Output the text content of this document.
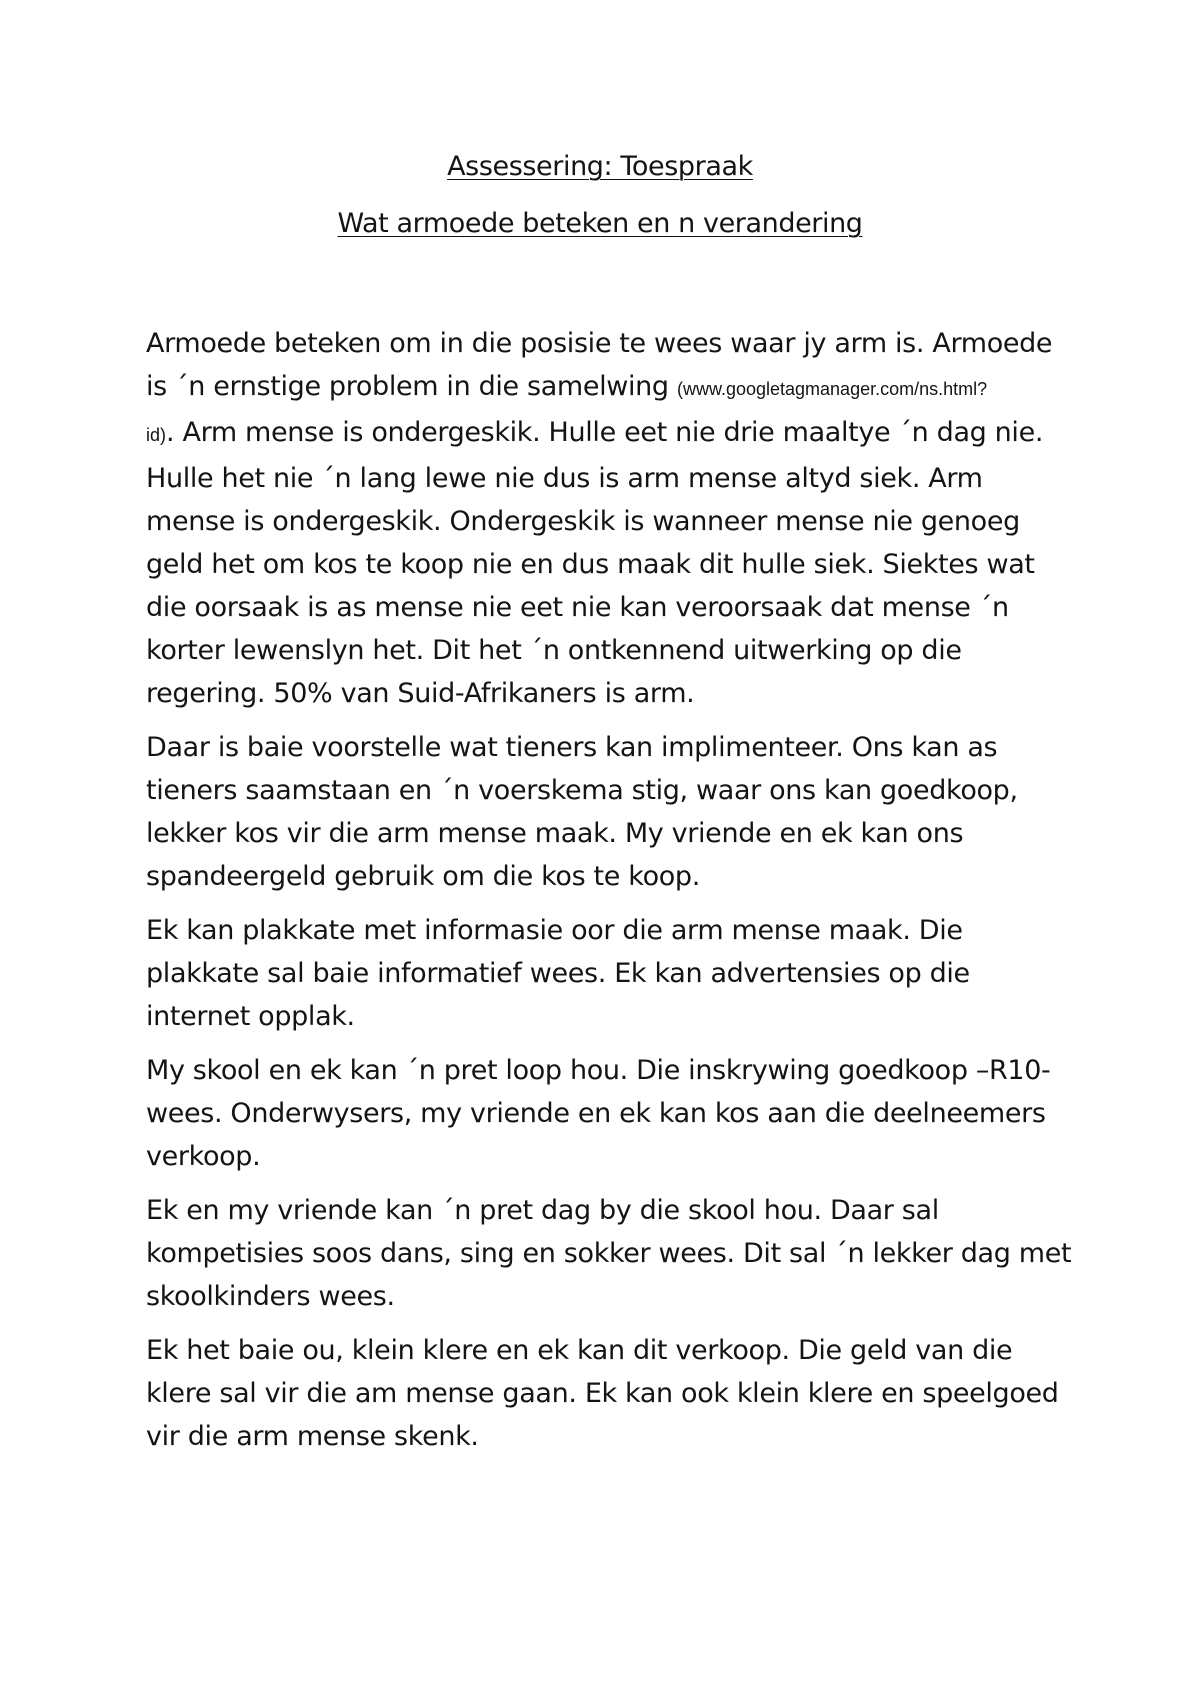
Assessering: Toespraak
Wat armoede beteken en n verandering

Armoede beteken om in die posisie te wees waar jy arm is. Armoede
is ´n ernstige problem in die samelwing (www.googletagmanager.com/ns.html?
id). Arm mense is ondergeskik. Hulle eet nie drie maaltye ´n dag nie.
Hulle het nie ´n lang lewe nie dus is arm mense altyd siek. Arm
mense is ondergeskik. Ondergeskik is wanneer mense nie genoeg
geld het om kos te koop nie en dus maak dit hulle siek. Siektes wat
die oorsaak is as mense nie eet nie kan veroorsaak dat mense ´n
korter lewenslyn het. Dit het ´n ontkennend uitwerking op die
regering. 50% van Suid-Afrikaners is arm.

Daar is baie voorstelle wat tieners kan implimenteer. Ons kan as
tieners saamstaan en ´n voerskema stig, waar ons kan goedkoop,
lekker kos vir die arm mense maak. My vriende en ek kan ons
spandeergeld gebruik om die kos te koop.

Ek kan plakkate met informasie oor die arm mense maak. Die
plakkate sal baie informatief wees. Ek kan advertensies op die
internet opplak.

My skool en ek kan ´n pret loop hou. Die inskrywing goedkoop –R10-
wees. Onderwysers, my vriende en ek kan kos aan die deelneemers
verkoop.

Ek en my vriende kan ´n pret dag by die skool hou. Daar sal
kompetisies soos dans, sing en sokker wees. Dit sal ´n lekker dag met
skoolkinders wees.

Ek het baie ou, klein klere en ek kan dit verkoop. Die geld van die
klere sal vir die am mense gaan. Ek kan ook klein klere en speelgoed
vir die arm mense skenk.
